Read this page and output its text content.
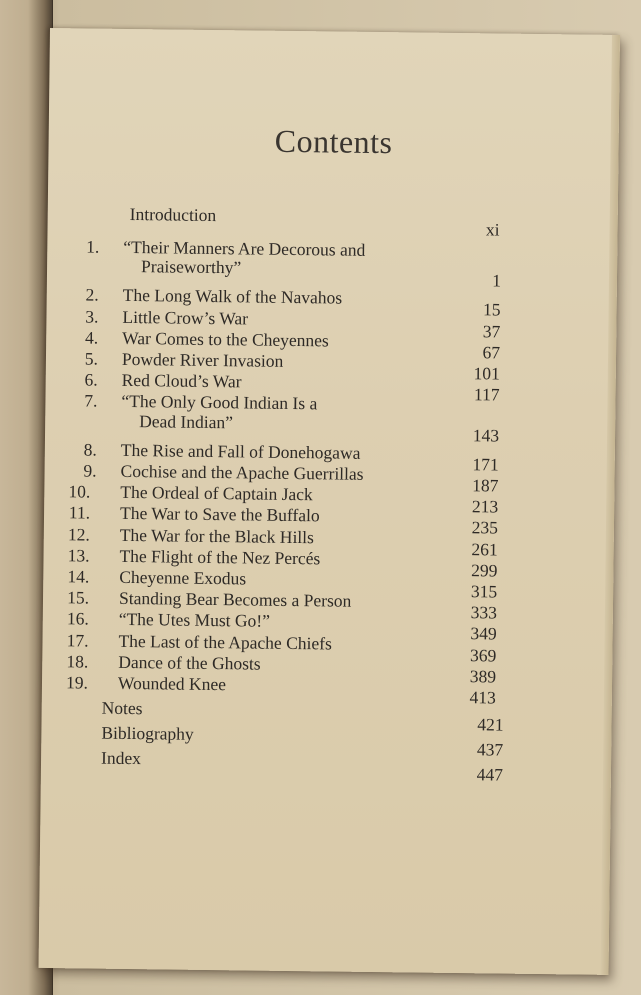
Contents
Introduction
xi
1. “Their Manners Are Decorous and
Praiseworthy”
1
2. The Long Walk of the Navahos
15
3. Little Crow’s War
37
4. War Comes to the Cheyennes
67
5. Powder River Invasion
101
6. Red Cloud’s War
117
7. “The Only Good Indian Is a
Dead Indian”
143
8. The Rise and Fall of Donehogawa
171
9. Cochise and the Apache Guerrillas
187
10. The Ordeal of Captain Jack
213
11. The War to Save the Buffalo
235
12. The War for the Black Hills
261
13. The Flight of the Nez Percés
299
14. Cheyenne Exodus
315
15. Standing Bear Becomes a Person
333
16. “The Utes Must Go!”
349
17. The Last of the Apache Chiefs
369
18. Dance of the Ghosts
389
19. Wounded Knee
413
Notes
421
Bibliography
437
Index
447
